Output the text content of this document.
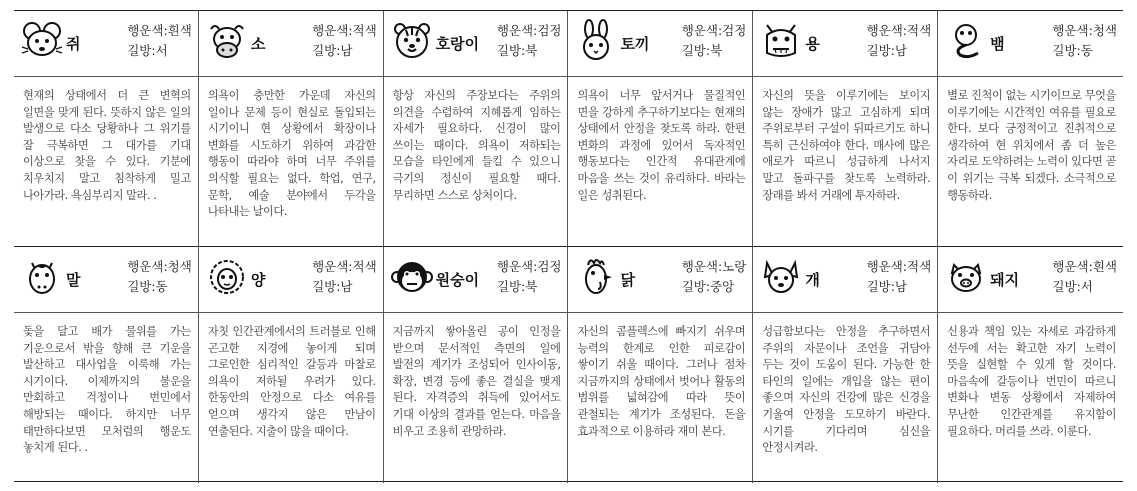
쥐
행운색:흰색
길방:서	소
행운색:적색
길방:남	호랑이
행운색:검정
길방:북	토끼
행운색:검정
길방:북	용
행운색:적색
길방:남	뱀
행운색:청색
길방:동
현재의 상태에서 더 큰 변혁의 일면을 맞게 된다. 뜻하지 않은 일의 발생으로 다소 당황하나 그 위기를 잘 극복하면 그 대가를 기대 이상으로 찾을 수 있다. 기분에 치우치지 말고 침착하게 밀고 나아가라. 욕심부리지 말라. .
의욕이 충만한 가운데 자신의 일이나 문제 등이 현실로 돌입되는 시기이니 현 상황에서 확장이나 변화를 시도하기 위하여 과감한 행동이 따라야 하며 너무 주위를 의식할 필요는 없다. 학업, 연구, 문학, 예술 분야에서 두각을 나타내는 날이다.
항상 자신의 주장보다는 주위의 의견을 수렴하여 지혜롭게 임하는 자세가 필요하다. 신경이 많이 쓰이는 때이다. 의욕이 저하되는 모습을 타인에게 들킬 수 있으니 극기의 정신이 필요할 때다. 무리하면 스스로 상처이다.
의욕이 너무 앞서거나 물질적인 면을 강하게 추구하기보다는 현재의 상태에서 안정을 찾도록 하라. 한편 변화의 과정에 있어서 독자적인 행동보다는 인간적 유대관계에 마음을 쓰는 것이 유리하다. 바라는 일은 성취된다.
자신의 뜻을 이루기에는 보이지 않는 장애가 많고 고심하게 되며 주위로부터 구설이 뒤따르기도 하니 특히 근신하여야 한다. 매사에 많은 애로가 따르니 성급하게 나서지 말고 돌파구를 찾도록 노력하라. 장래를 봐서 거래에 투자하라.
별로 진척이 없는 시기이므로 무엇을 이루기에는 시간적인 여유를 필요로 한다. 보다 긍정적이고 진취적으로 생각하여 현 위치에서 좀 더 높은 자리로 도약하려는 노력이 있다면 곧 이 위기는 극복 되겠다. 소극적으로 행동하라.
말
행운색:청색
길방:동	양
행운색:적색
길방:남	원숭이
행운색:검정
길방:북	닭
행운색:노랑
길방:중앙	개
행운색:적색
길방:남	돼지
행운색:흰색
길방:서
돛을 달고 배가 물위를 가는 기운으로서 밖을 향해 큰 기운을 발산하고 대사업을 이룩해 가는 시기이다. 이제까지의 불운을 만회하고 걱정이나 번민에서 해방되는 때이다. 하지만 너무 태만하다보면 모처럼의 행운도 놓치게 된다. .
자칫 인간관계에서의 트러블로 인해 곤고한 지경에 놓이게 되며 그로인한 심리적인 갈등과 마찰로 의욕이 저하될 우려가 있다. 한동안의 안정으로 다소 여유를 얻으며 생각지 않은 만남이 연출된다. 지출이 많을 때이다.
지금까지 쌓아올린 공이 인정을 받으며 문서적인 측면의 일에 발전의 계기가 조성되어 인사이동, 확장, 변경 등에 좋은 결실을 맺게 된다. 자격증의 취득에 있어서도 기대 이상의 결과를 얻는다. 마음을 비우고 조용히 관망하라.
자신의 콤플렉스에 빠지기 쉬우며 능력의 한계로 인한 피로감이 쌓이기 쉬울 때이다. 그러나 점차 지금까지의 상태에서 벗어나 활동의 범위를 넓혀감에 따라 뜻이 관철되는 계기가 조성된다. 돈을 효과적으로 이용하라 재미 본다.
성급함보다는 안정을 추구하면서 주위의 자문이나 조언을 귀담아 두는 것이 도움이 된다. 가능한 한 타인의 일에는 개입을 않는 편이 좋으며 자신의 건강에 많은 신경을 기울여 안정을 도모하기 바란다. 시기를 기다리며 심신을 안정시켜라.
신용과 책임 있는 자세로 과감하게 선두에 서는 확고한 자기 노력이 뜻을 실현할 수 있게 할 것이다. 마음속에 갈등이나 번민이 따르니 변화나 변동 상황에서 자제하여 무난한 인간관계를 유지함이 필요하다. 머리를 쓰라. 이룬다.
